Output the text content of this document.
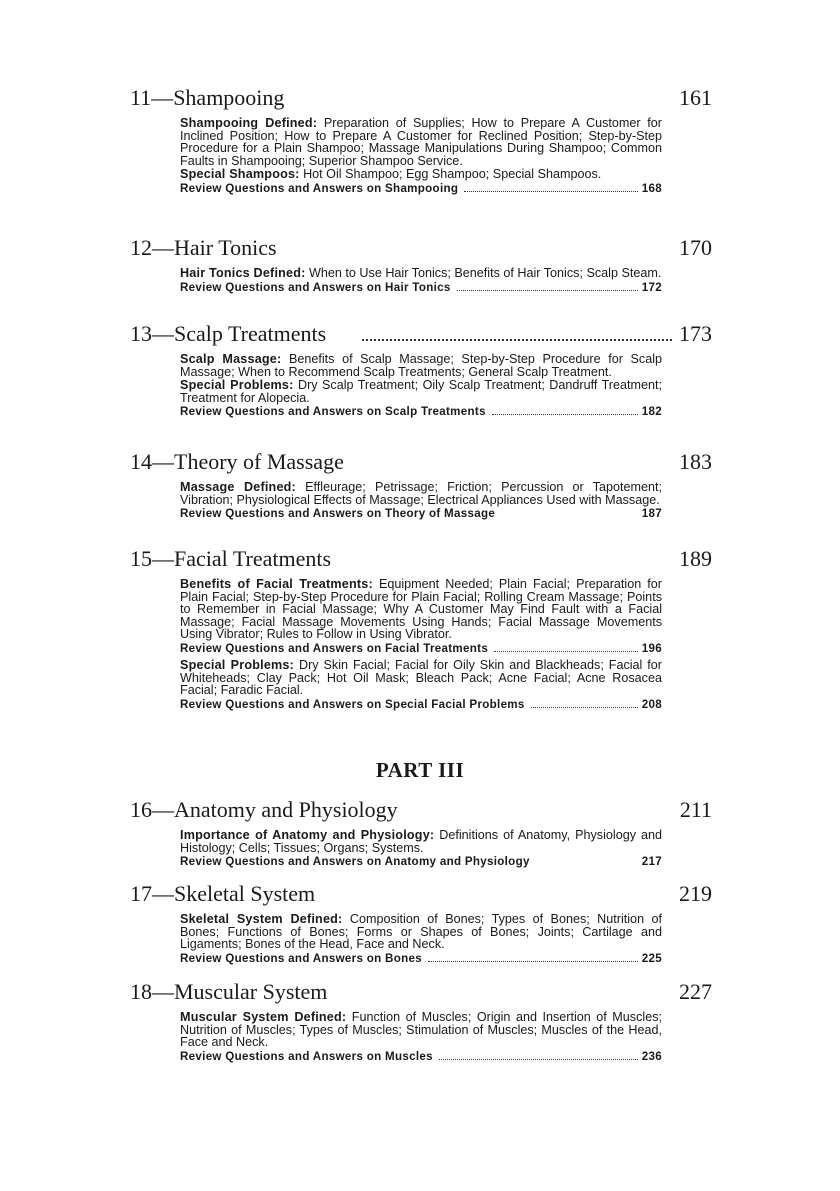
11—Shampooing	161

Shampooing Defined: Preparation of Supplies; How to Prepare A Customer for Inclined Position; How to Prepare A Customer for Reclined Position; Step-by-Step Procedure for a Plain Shampoo; Massage Manipulations During Shampoo; Common Faults in Shampooing; Superior Shampoo Service.

Special Shampoos: Hot Oil Shampoo; Egg Shampoo; Special Shampoos.

Review Questions and Answers on Shampooing	168
12—Hair Tonics	170

Hair Tonics Defined: When to Use Hair Tonics; Benefits of Hair Tonics; Scalp Steam.

Review Questions and Answers on Hair Tonics	172
13—Scalp Treatments	173

Scalp Massage: Benefits of Scalp Massage; Step-by-Step Procedure for Scalp Massage; When to Recommend Scalp Treatments; General Scalp Treatment.

Special Problems: Dry Scalp Treatment; Oily Scalp Treatment; Dandruff Treatment; Treatment for Alopecia.

Review Questions and Answers on Scalp Treatments	182
14—Theory of Massage	183

Massage Defined: Effleurage; Petrissage; Friction; Percussion or Tapotement; Vibration; Physiological Effects of Massage; Electrical Appliances Used with Massage.

Review Questions and Answers on Theory of Massage	187
15—Facial Treatments	189

Benefits of Facial Treatments: Equipment Needed; Plain Facial; Preparation for Plain Facial; Step-by-Step Procedure for Plain Facial; Rolling Cream Massage; Points to Remember in Facial Massage; Why A Customer May Find Fault with a Facial Massage; Facial Massage Movements Using Hands; Facial Massage Movements Using Vibrator; Rules to Follow in Using Vibrator.

Review Questions and Answers on Facial Treatments	196

Special Problems: Dry Skin Facial; Facial for Oily Skin and Blackheads; Facial for Whiteheads; Clay Pack; Hot Oil Mask; Bleach Pack; Acne Facial; Acne Rosacea Facial; Faradic Facial.

Review Questions and Answers on Special Facial Problems	208
PART III
16—Anatomy and Physiology	211

Importance of Anatomy and Physiology: Definitions of Anatomy, Physiology and Histology; Cells; Tissues; Organs; Systems.

Review Questions and Answers on Anatomy and Physiology	217
17—Skeletal System	219

Skeletal System Defined: Composition of Bones; Types of Bones; Nutrition of Bones; Functions of Bones; Forms or Shapes of Bones; Joints; Cartilage and Ligaments; Bones of the Head, Face and Neck.

Review Questions and Answers on Bones	225
18—Muscular System	227

Muscular System Defined: Function of Muscles; Origin and Insertion of Muscles; Nutrition of Muscles; Types of Muscles; Stimulation of Muscles; Muscles of the Head, Face and Neck.

Review Questions and Answers on Muscles	236
